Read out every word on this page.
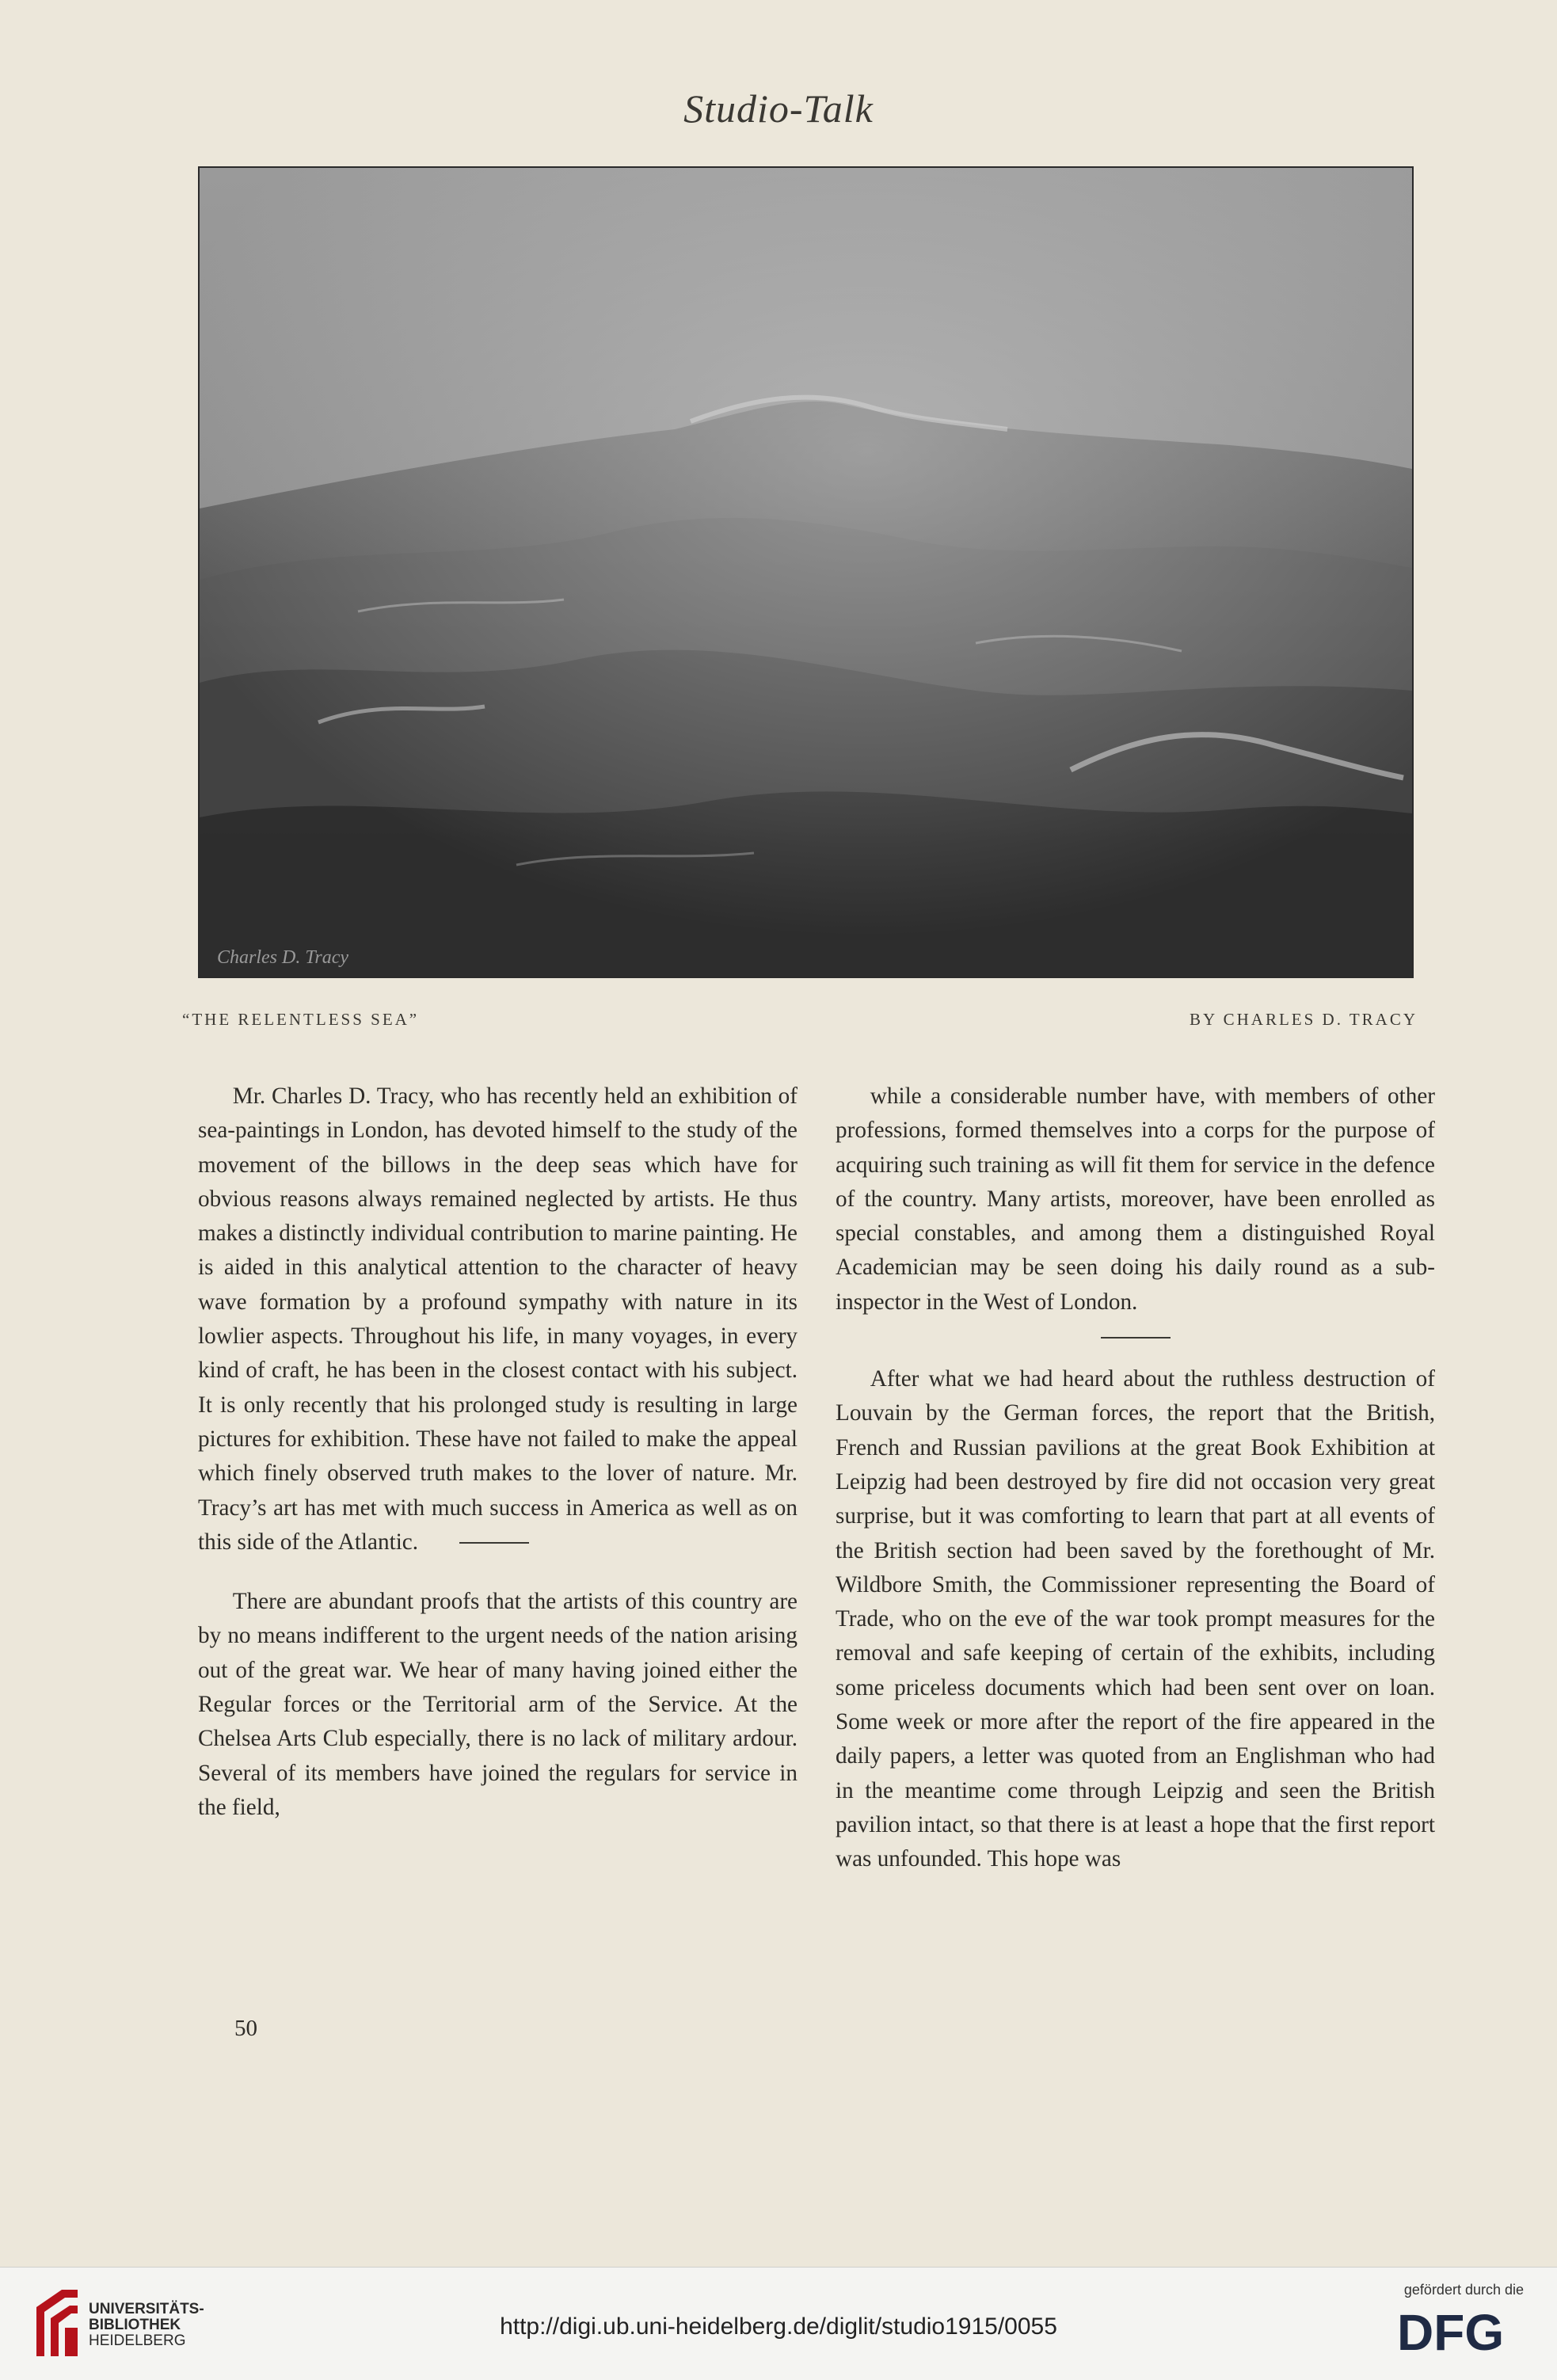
Studio-Talk
Charles D. Tracy
“THE RELENTLESS SEA”	BY CHARLES D. TRACY

Mr. Charles D. Tracy, who has recently held an exhibition of sea-paintings in London, has devoted himself to the study of the movement of the billows in the deep seas which have for obvious reasons always remained neglected by artists. He thus makes a distinctly individual contribution to marine painting. He is aided in this analytical attention to the character of heavy wave formation by a profound sympathy with nature in its lowlier aspects. Throughout his life, in many voyages, in every kind of craft, he has been in the closest contact with his subject. It is only recently that his prolonged study is resulting in large pictures for exhibition. These have not failed to make the appeal which finely observed truth makes to the lover of nature. Mr. Tracy’s art has met with much success in America as well as on this side of the Atlantic.

There are abundant proofs that the artists of this country are by no means indifferent to the urgent needs of the nation arising out of the great war. We hear of many having joined either the Regular forces or the Territorial arm of the Service. At the Chelsea Arts Club especially, there is no lack of military ardour. Several of its members have joined the regulars for service in the field,

while a considerable number have, with members of other professions, formed themselves into a corps for the purpose of acquiring such training as will fit them for service in the defence of the country. Many artists, moreover, have been enrolled as special constables, and among them a distinguished Royal Academician may be seen doing his daily round as a sub-inspector in the West of London.

After what we had heard about the ruthless destruction of Louvain by the German forces, the report that the British, French and Russian pavilions at the great Book Exhibition at Leipzig had been destroyed by fire did not occasion very great surprise, but it was comforting to learn that part at all events of the British section had been saved by the forethought of Mr. Wildbore Smith, the Commissioner representing the Board of Trade, who on the eve of the war took prompt measures for the removal and safe keeping of certain of the exhibits, including some priceless documents which had been sent over on loan. Some week or more after the report of the fire appeared in the daily papers, a letter was quoted from an Englishman who had in the meantime come through Leipzig and seen the British pavilion intact, so that there is at least a hope that the first report was unfounded. This hope was

50
UNIVERSITÄTS-
BIBLIOTHEK
HEIDELBERG
http://digi.ub.uni-heidelberg.de/diglit/studio1915/0055
gefördert durch die
DFG
